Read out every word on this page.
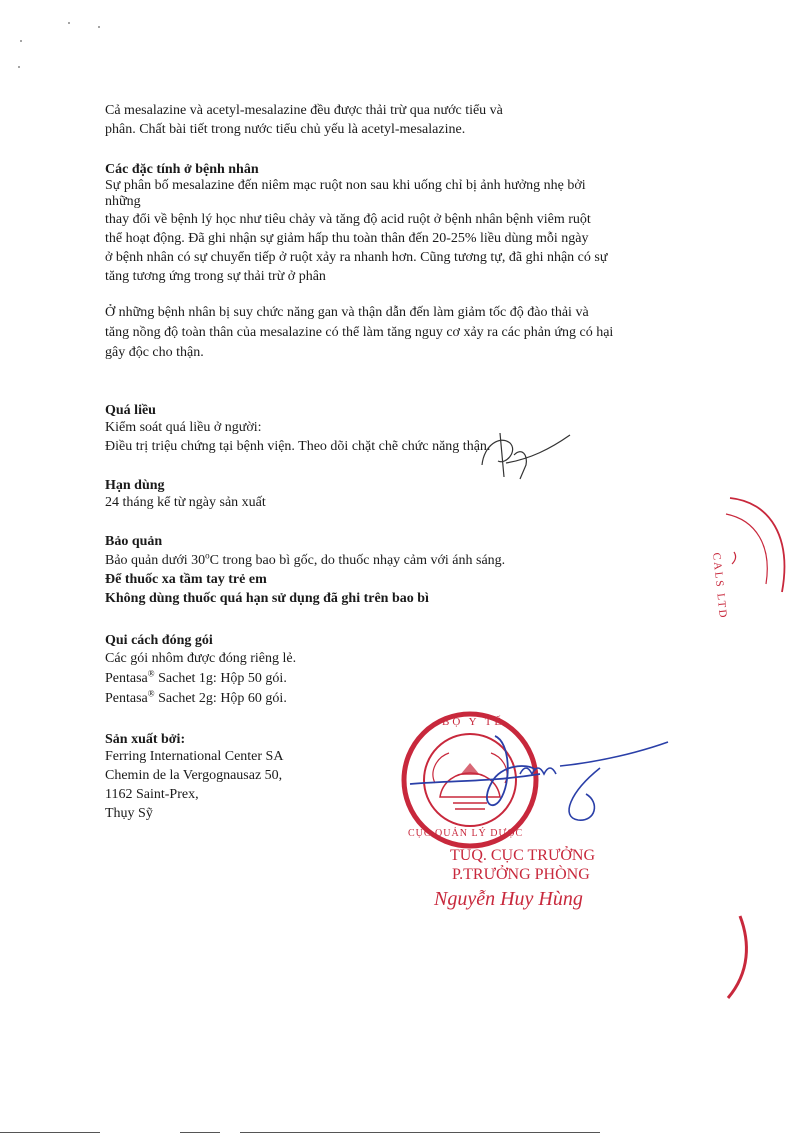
Cả mesalazine và acetyl-mesalazine đều được thải trừ qua nước tiểu và
phân. Chất bài tiết trong nước tiểu chủ yếu là acetyl-mesalazine.
Các đặc tính ở bệnh nhân
Sự phân bố mesalazine đến niêm mạc ruột non sau khi uống chỉ bị ảnh hưởng nhẹ bởi
những
thay đổi về bệnh lý học như tiêu chảy và tăng độ acid ruột ở bệnh nhân bệnh viêm ruột
thể hoạt động. Đã ghi nhận sự giảm hấp thu toàn thân đến 20-25% liều dùng mỗi ngày
ở bệnh nhân có sự chuyển tiếp ở ruột xảy ra nhanh hơn. Cũng tương tự, đã ghi nhận có sự
tăng tương ứng trong sự thải trừ ở phân
Ở những bệnh nhân bị suy chức năng gan và thận dẫn đến làm giảm tốc độ đào thải và
tăng nồng độ toàn thân của mesalazine có thể làm tăng nguy cơ xảy ra các phản ứng có hại
gây độc cho thận.
Quá liều
Kiểm soát quá liều ở người:
Điều trị triệu chứng tại bệnh viện. Theo dõi chặt chẽ chức năng thận.
Hạn dùng
24 tháng kể từ ngày sản xuất
Bảo quản
Bảo quản dưới 30$^o$C trong bao bì gốc, do thuốc nhạy cảm với ánh sáng.
Để thuốc xa tầm tay trẻ em
Không dùng thuốc quá hạn sử dụng đã ghi trên bao bì
Qui cách đóng gói
Các gói nhôm được đóng riêng lẻ.
Pentasa® Sachet 1g: Hộp 50 gói.
Pentasa® Sachet 2g: Hộp 60 gói.
Sản xuất bởi:
Ferring International Center SA
Chemin de la Vergognausaz 50,
1162 Saint-Prex,
Thụy Sỹ
CALS LTD
BỘ Y TẾ
CỤC QUẢN LÝ DƯỢC
TUQ. CỤC TRƯỞNG
P.TRƯỞNG PHÒNG
Nguyễn Huy Hùng
